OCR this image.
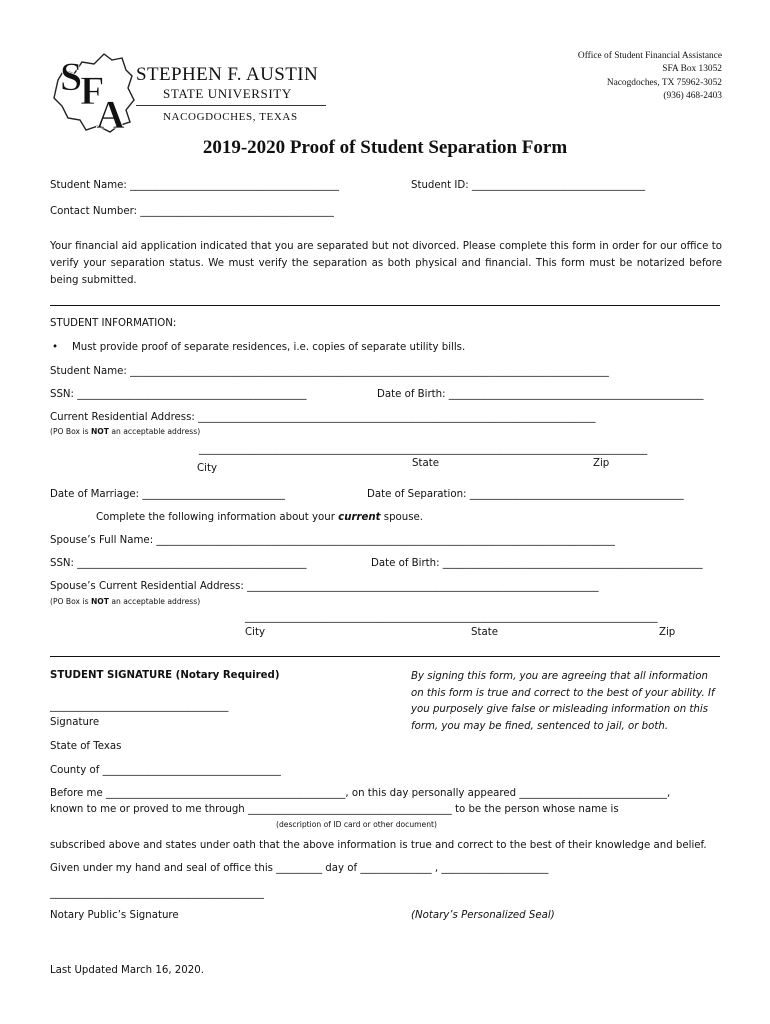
S
F
A
STEPHEN F. AUSTIN
STATE UNIVERSITY
NACOGDOCHES, TEXAS
Office of Student Financial Assistance
SFA Box 13052
Nacogdoches, TX 75962-3052
(936) 468-2403
2019-2020 Proof of Student Separation Form
Student Name: _________________________________________	Student ID: __________________________________
Contact Number: ______________________________________
Your financial aid application indicated that you are separated but not divorced. Please complete this form in order for our office to verify your separation status. We must verify the separation as both physical and financial. This form must be notarized before being submitted.
STUDENT INFORMATION:
• Must provide proof of separate residences, i.e. copies of separate utility bills.
Student Name: ______________________________________________________________________________________________
SSN: _____________________________________________	Date of Birth: __________________________________________________
Current Residential Address: ______________________________________________________________________________
(PO Box is NOT an acceptable address)
________________________________________________________________________________________
City	State	Zip
Date of Marriage: ____________________________	Date of Separation: __________________________________________
Complete the following information about your current spouse.
Spouse’s Full Name: __________________________________________________________________________________________
SSN: _____________________________________________	Date of Birth: ___________________________________________________
Spouse’s Current Residential Address: _____________________________________________________________________
(PO Box is NOT an acceptable address)
_________________________________________________________________________________
City	State	Zip
STUDENT SIGNATURE (Notary Required)	By signing this form, you are agreeing that all information on this form is true and correct to the best of your ability. If you purposely give false or misleading information on this form, you may be fined, sentenced to jail, or both.
___________________________________
Signature
State of Texas
County of ___________________________________
Before me _______________________________________________, on this day personally appeared _____________________________,
known to me or proved to me through ________________________________________ to be the person whose name is
(description of ID card or other document)
subscribed above and states under oath that the above information is true and correct to the best of their knowledge and belief.
Given under my hand and seal of office this _________ day of ______________ , _____________________
__________________________________________
Notary Public’s Signature	(Notary’s Personalized Seal)
Last Updated March 16, 2020.
